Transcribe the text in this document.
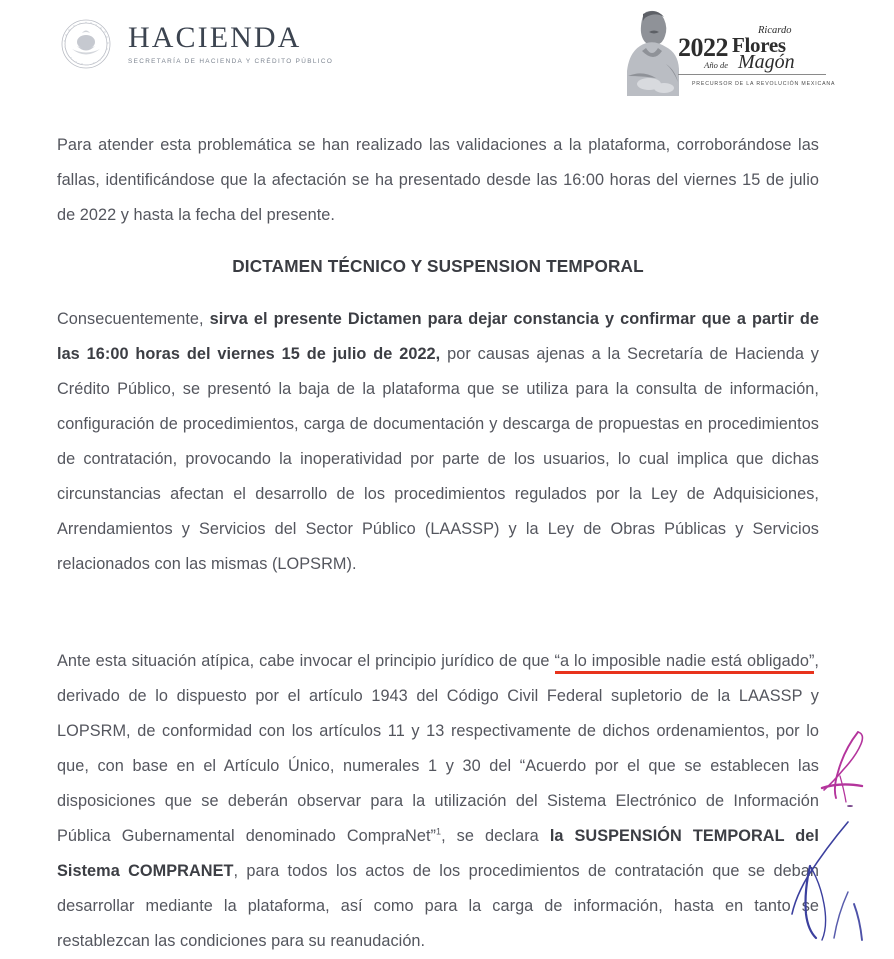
HACIENDA
SECRETARÍA DE HACIENDA Y CRÉDITO PÚBLICO	2022
Año de
Ricardo
Flores
Magón
PRECURSOR DE LA REVOLUCIÓN MEXICANA

Para atender esta problemática se han realizado las validaciones a la plataforma, corroborándose las fallas, identificándose que la afectación se ha presentado desde las 16:00 horas del viernes 15 de julio de 2022 y hasta la fecha del presente.

DICTAMEN TÉCNICO Y SUSPENSION TEMPORAL

Consecuentemente, sirva el presente Dictamen para dejar constancia y confirmar que a partir de las 16:00 horas del viernes 15 de julio de 2022, por causas ajenas a la Secretaría de Hacienda y Crédito Público, se presentó la baja de la plataforma que se utiliza para la consulta de información, configuración de procedimientos, carga de documentación y descarga de propuestas en procedimientos de contratación, provocando la inoperatividad por parte de los usuarios, lo cual implica que dichas circunstancias afectan el desarrollo de los procedimientos regulados por la Ley de Adquisiciones, Arrendamientos y Servicios del Sector Público (LAASSP) y la Ley de Obras Públicas y Servicios relacionados con las mismas (LOPSRM).

Ante esta situación atípica, cabe invocar el principio jurídico de que “a lo imposible nadie está obligado”, derivado de lo dispuesto por el artículo 1943 del Código Civil Federal supletorio de la LAASSP y LOPSRM, de conformidad con los artículos 11 y 13 respectivamente de dichos ordenamientos, por lo que, con base en el Artículo Único, numerales 1 y 30 del “Acuerdo por el que se establecen las disposiciones que se deberán observar para la utilización del Sistema Electrónico de Información Pública Gubernamental denominado CompraNet”$^1$, se declara la SUSPENSIÓN TEMPORAL del Sistema COMPRANET, para todos los actos de los procedimientos de contratación que se deban desarrollar mediante la plataforma, así como para la carga de información, hasta en tanto se restablezcan las condiciones para su reanudación.
